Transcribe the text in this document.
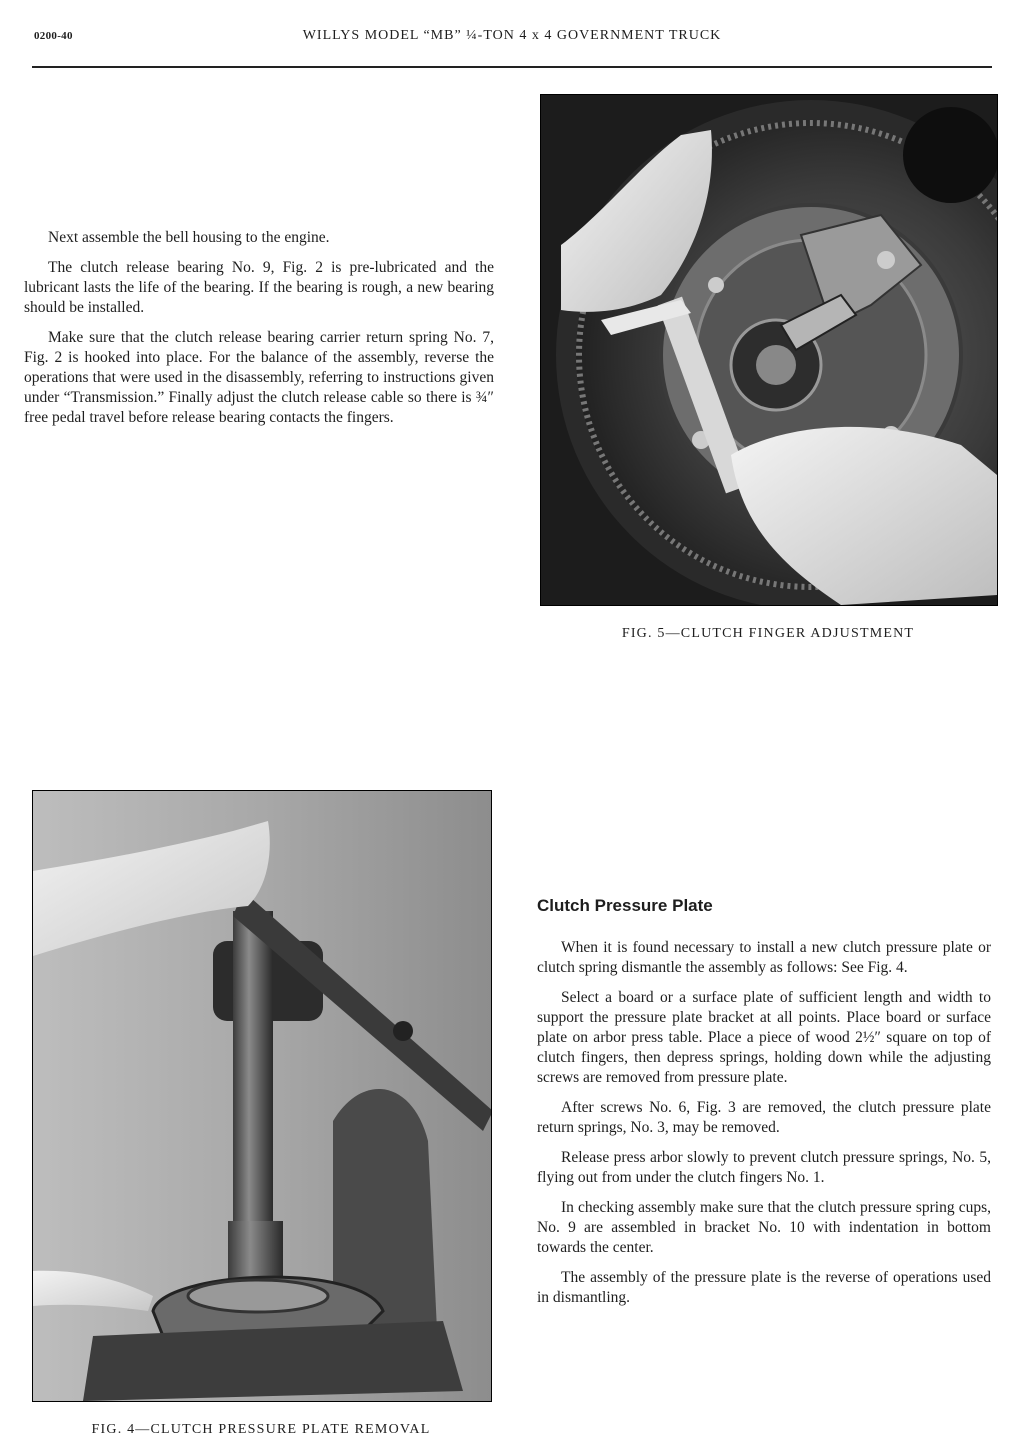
0200-40	WILLYS MODEL “MB” ¼-TON 4 x 4 GOVERNMENT TRUCK

Next assemble the bell housing to the engine.

The clutch release bearing No. 9, Fig. 2 is pre-lubricated and the lubricant lasts the life of the bearing. If the bearing is rough, a new bearing should be installed.

Make sure that the clutch release bearing carrier return spring No. 7, Fig. 2 is hooked into place. For the balance of the assembly, reverse the operations that were used in the disassembly, referring to instructions given under “Transmission.” Finally adjust the clutch release cable so there is ¾″ free pedal travel before release bearing contacts the fingers.

FIG. 5—CLUTCH FINGER ADJUSTMENT
FIG. 4—CLUTCH PRESSURE PLATE REMOVAL
Clutch Pressure Plate

When it is found necessary to install a new clutch pressure plate or clutch spring dismantle the assembly as follows: See Fig. 4.

Select a board or a surface plate of sufficient length and width to support the pressure plate bracket at all points. Place board or surface plate on arbor press table. Place a piece of wood 2½″ square on top of clutch fingers, then depress springs, holding down while the adjusting screws are removed from pressure plate.

After screws No. 6, Fig. 3 are removed, the clutch pressure plate return springs, No. 3, may be removed.

Release press arbor slowly to prevent clutch pressure springs, No. 5, flying out from under the clutch fingers No. 1.

In checking assembly make sure that the clutch pressure spring cups, No. 9 are assembled in bracket No. 10 with indentation in bottom towards the center.

The assembly of the pressure plate is the reverse of operations used in dismantling.
